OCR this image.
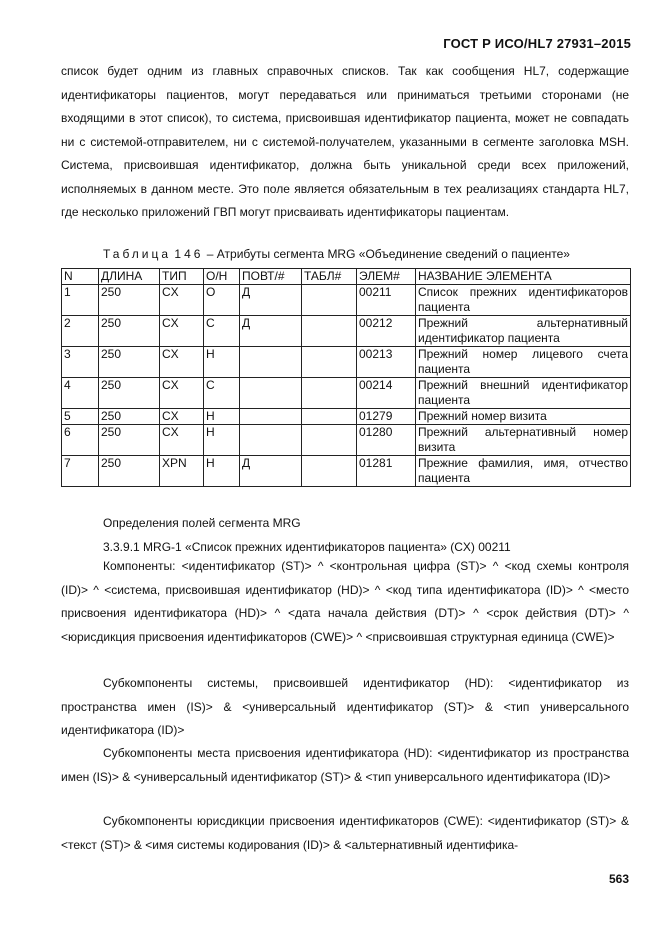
ГОСТ Р ИСО/HL7 27931–2015

список будет одним из главных справочных списков. Так как сообщения HL7, содержащие идентификаторы пациентов, могут передаваться или приниматься третьими сторонами (не входящими в этот список), то система, присвоившая идентификатор пациента, может не совпадать ни с системой-отправителем, ни с системой-получателем, указанными в сегменте заголовка MSH. Система, присвоившая идентификатор, должна быть уникальной среди всех приложений, исполняемых в данном месте. Это поле является обязательным в тех реализациях стандарта HL7, где несколько приложений ГВП могут присваивать идентификаторы пациентам.

Таблица 146 – Атрибуты сегмента MRG «Объединение сведений о пациенте»
N	ДЛИНА	ТИП	О/Н	ПОВТ/#	ТАБЛ#	ЭЛЕМ#	НАЗВАНИЕ ЭЛЕМЕНТА
1	250	CX	O	Д		00211	Список прежних идентификаторов пациента
2	250	CX	C	Д		00212	Прежний альтернативный идентификатор пациента
3	250	CX	Н			00213	Прежний номер лицевого счета пациента
4	250	CX	C			00214	Прежний внешний идентификатор пациента
5	250	CX	Н			01279	Прежний номер визита
6	250	CX	Н			01280	Прежний альтернативный номер визита
7	250	XPN	Н	Д		01281	Прежние фамилия, имя, отчество пациента
Определения полей сегмента MRG
3.3.9.1 MRG-1 «Список прежних идентификаторов пациента» (CX) 00211

Компоненты: <идентификатор (ST)> ^ <контрольная цифра (ST)> ^ <код схемы контроля (ID)> ^ <система, присвоившая идентификатор (HD)> ^ <код типа идентификатора (ID)> ^ <место присвоения идентификатора (HD)> ^ <дата начала действия (DT)> ^ <срок действия (DT)> ^ <юрисдикция присвоения идентификаторов (CWE)> ^ <присвоившая структурная единица (CWE)>

Субкомпоненты системы, присвоившей идентификатор (HD): <идентификатор из пространства имен (IS)> & <универсальный идентификатор (ST)> & <тип универсального идентификатора (ID)>

Субкомпоненты места присвоения идентификатора (HD): <идентификатор из пространства имен (IS)> & <универсальный идентификатор (ST)> & <тип универсального идентификатора (ID)>

Субкомпоненты юрисдикции присвоения идентификаторов (CWE): <идентификатор (ST)> & <текст (ST)> & <имя системы кодирования (ID)> & <альтернативный идентифика-

563
